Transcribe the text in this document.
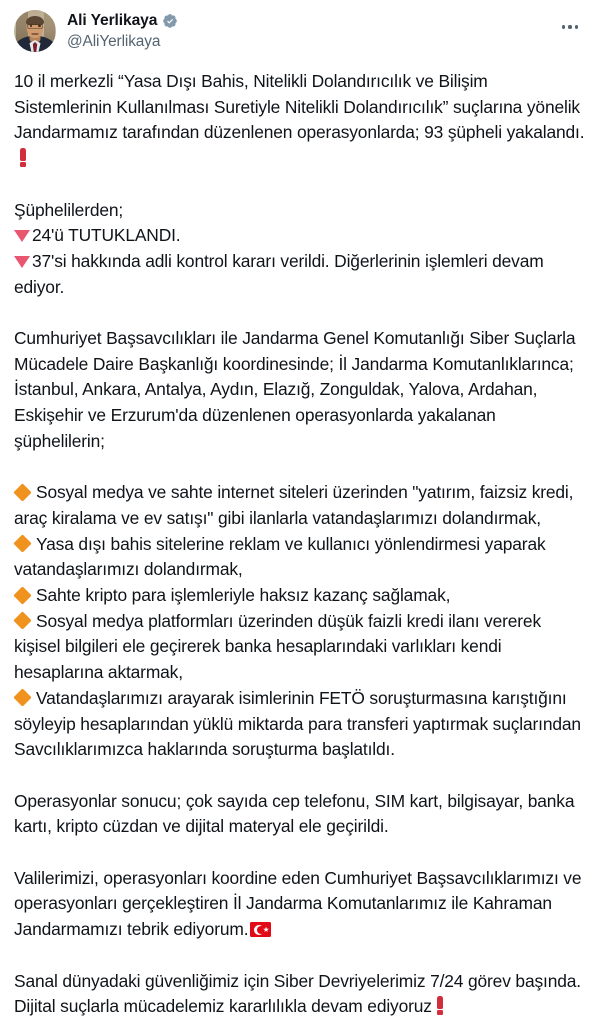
Ali Yerlikaya
@AliYerlikaya

10 il merkezli “Yasa Dışı Bahis, Nitelikli Dolandırıcılık ve Bilişim Sistemlerinin Kullanılması Suretiyle Nitelikli Dolandırıcılık” suçlarına yönelik Jandarmamız tarafından düzenlenen operasyonlarda; 93 şüpheli yakalandı.

Şüphelilerden;

24'ü TUTUKLANDI.

37'si hakkında adli kontrol kararı verildi. Diğerlerinin işlemleri devam ediyor.

Cumhuriyet Başsavcılıkları ile Jandarma Genel Komutanlığı Siber Suçlarla Mücadele Daire Başkanlığı koordinesinde; İl Jandarma Komutanlıklarınca; İstanbul, Ankara, Antalya, Aydın, Elazığ, Zonguldak, Yalova, Ardahan, Eskişehir ve Erzurum'da düzenlenen operasyonlarda yakalanan şüphelilerin;

Sosyal medya ve sahte internet siteleri üzerinden "yatırım, faizsiz kredi, araç kiralama ve ev satışı" gibi ilanlarla vatandaşlarımızı dolandırmak,

Yasa dışı bahis sitelerine reklam ve kullanıcı yönlendirmesi yaparak vatandaşlarımızı dolandırmak,

Sahte kripto para işlemleriyle haksız kazanç sağlamak,

Sosyal medya platformları üzerinden düşük faizli kredi ilanı vererek kişisel bilgileri ele geçirerek banka hesaplarındaki varlıkları kendi hesaplarına aktarmak,

Vatandaşlarımızı arayarak isimlerinin FETÖ soruşturmasına karıştığını söyleyip hesaplarından yüklü miktarda para transferi yaptırmak suçlarından Savcılıklarımızca haklarında soruşturma başlatıldı.

Operasyonlar sonucu; çok sayıda cep telefonu, SIM kart, bilgisayar, banka kartı, kripto cüzdan ve dijital materyal ele geçirildi.

Valilerimizi, operasyonları koordine eden Cumhuriyet Başsavcılıklarımızı ve operasyonları gerçekleştiren İl Jandarma Komutanlarımız ile Kahraman Jandarmamızı tebrik ediyorum. ★

Sanal dünyadaki güvenliğimiz için Siber Devriyelerimiz 7/24 görev başında. Dijital suçlarla mücadelemiz kararlılıkla devam ediyoruz
